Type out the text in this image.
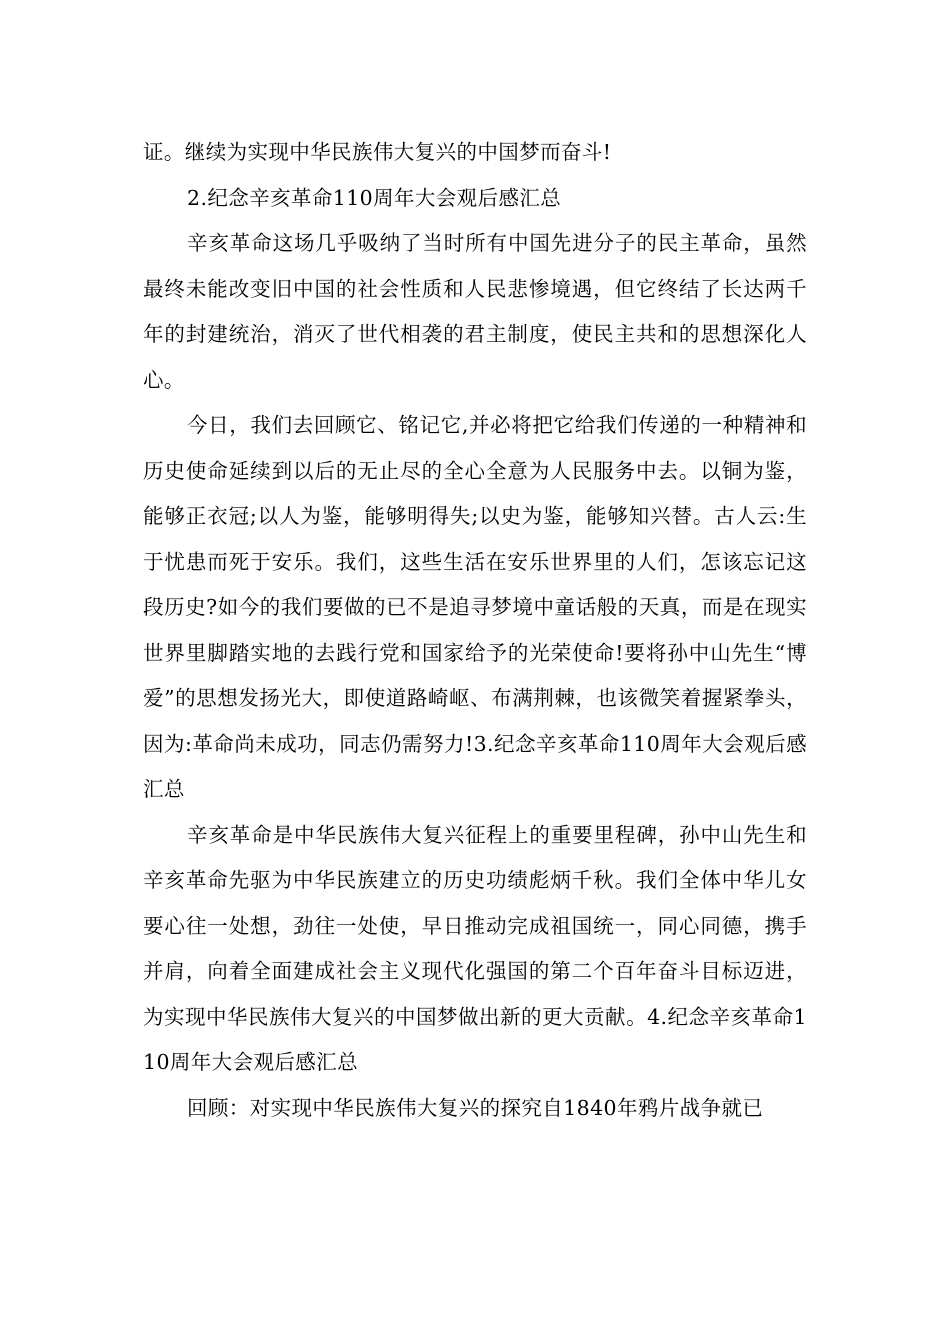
证。继续为实现中华民族伟大复兴的中国梦而奋斗!

2.纪念辛亥革命110周年大会观后感汇总

辛亥革命这场几乎吸纳了当时所有中国先进分子的民主革命，虽然最终未能改变旧中国的社会性质和人民悲惨境遇，但它终结了长达两千年的封建统治，消灭了世代相袭的君主制度，使民主共和的思想深化人心。

今日，我们去回顾它、铭记它,并必将把它给我们传递的一种精神和历史使命延续到以后的无止尽的全心全意为人民服务中去。以铜为鉴，能够正衣冠;以人为鉴，能够明得失;以史为鉴，能够知兴替。古人云:生于忧患而死于安乐。我们，这些生活在安乐世界里的人们，怎该忘记这段历史?如今的我们要做的已不是追寻梦境中童话般的天真，而是在现实世界里脚踏实地的去践行党和国家给予的光荣使命!要将孙中山先生“博爱”的思想发扬光大，即使道路崎岖、布满荆棘，也该微笑着握紧拳头，因为:革命尚未成功，同志仍需努力!3.纪念辛亥革命110周年大会观后感汇总

辛亥革命是中华民族伟大复兴征程上的重要里程碑，孙中山先生和辛亥革命先驱为中华民族建立的历史功绩彪炳千秋。我们全体中华儿女要心往一处想，劲往一处使，早日推动完成祖国统一，同心同德，携手并肩，向着全面建成社会主义现代化强国的第二个百年奋斗目标迈进，为实现中华民族伟大复兴的中国梦做出新的更大贡献。4.纪念辛亥革命110周年大会观后感汇总

回顾：对实现中华民族伟大复兴的探究自1840年鸦片战争就已
